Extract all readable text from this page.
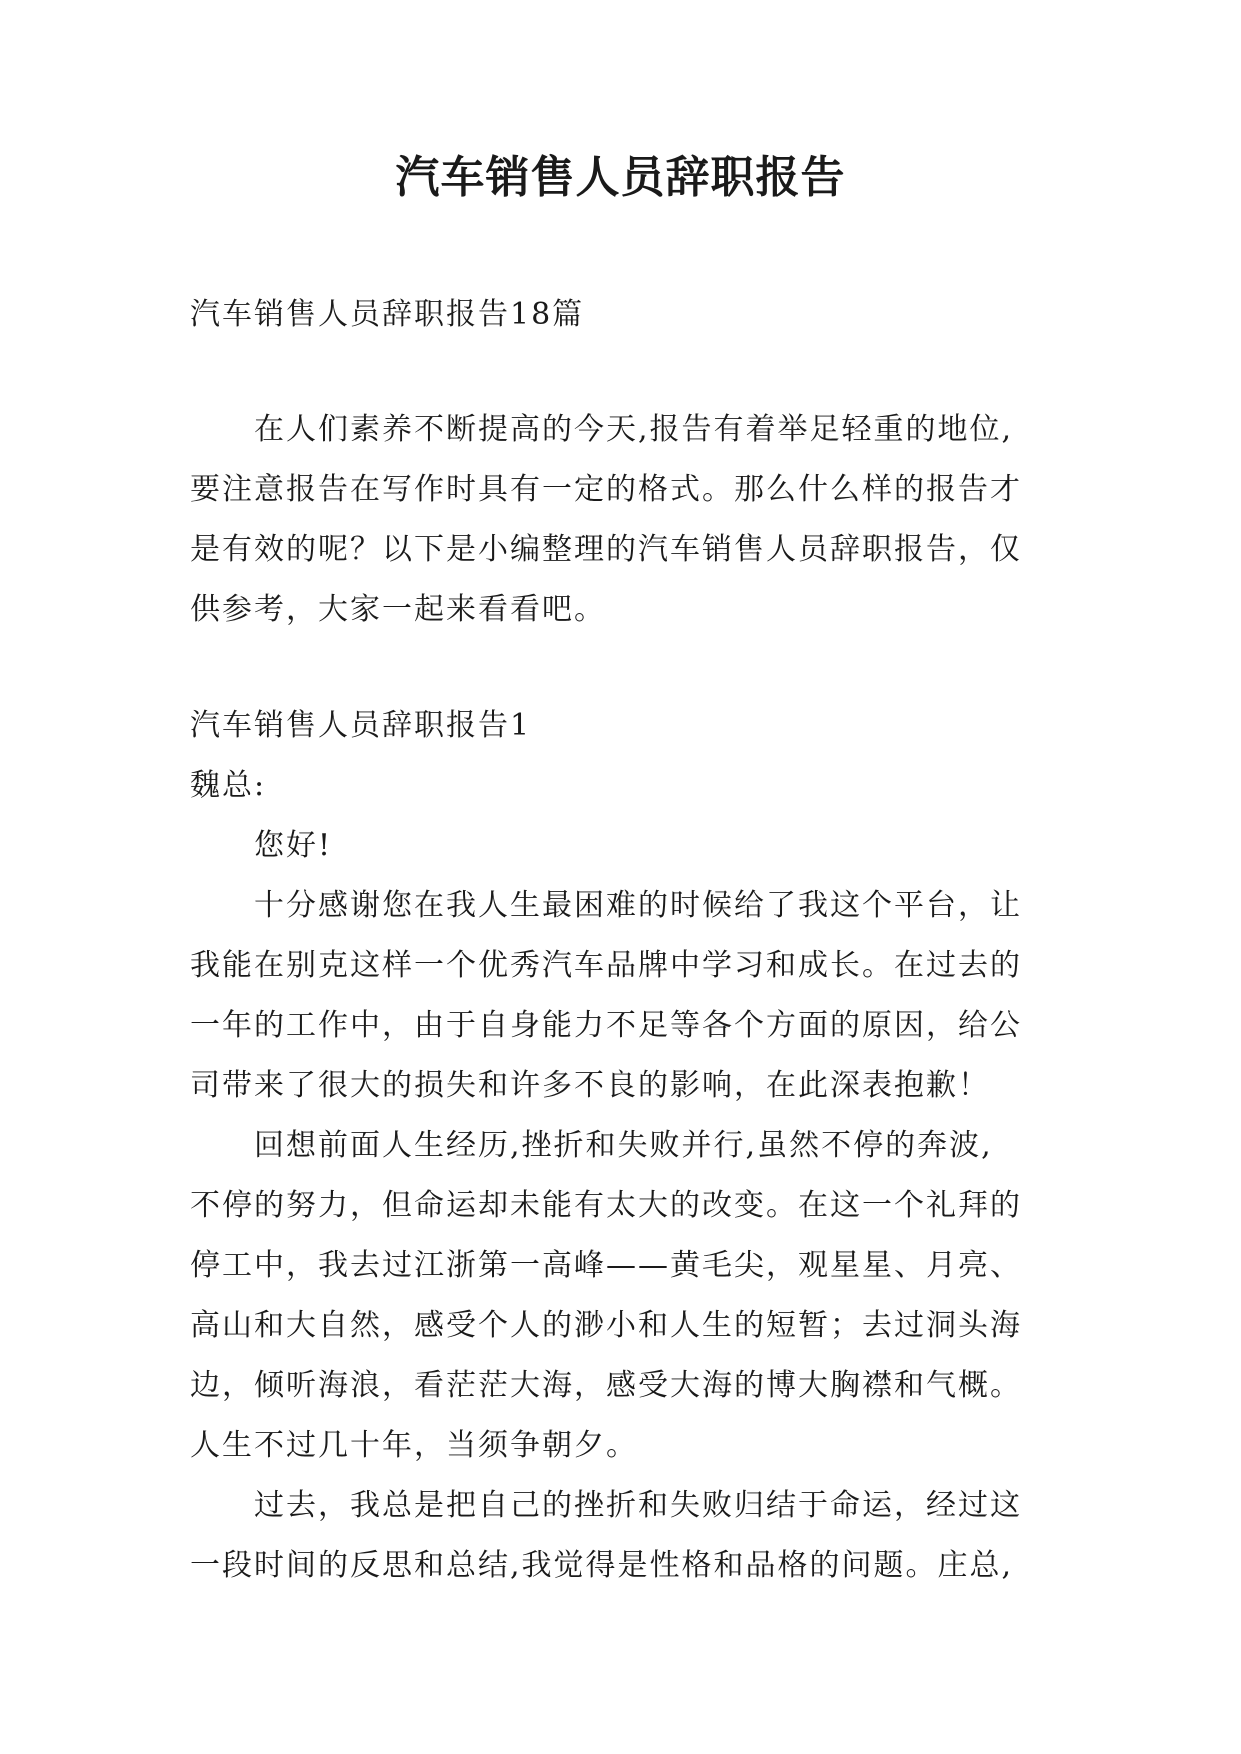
汽车销售人员辞职报告

汽车销售人员辞职报告18篇

在人们素养不断提高的今天,报告有着举足轻重的地位,
要注意报告在写作时具有一定的格式。那么什么样的报告才
是有效的呢？以下是小编整理的汽车销售人员辞职报告，仅
供参考，大家一起来看看吧。
汽车销售人员辞职报告1
魏总:
您好!
十分感谢您在我人生最困难的时候给了我这个平台，让
我能在别克这样一个优秀汽车品牌中学习和成长。在过去的
一年的工作中，由于自身能力不足等各个方面的原因，给公
司带来了很大的损失和许多不良的影响，在此深表抱歉！
回想前面人生经历,挫折和失败并行,虽然不停的奔波,
不停的努力，但命运却未能有太大的改变。在这一个礼拜的
停工中，我去过江浙第一高峰——黄毛尖，观星星、月亮、
高山和大自然，感受个人的渺小和人生的短暂；去过洞头海
边，倾听海浪，看茫茫大海，感受大海的博大胸襟和气概。
人生不过几十年，当须争朝夕。
过去，我总是把自己的挫折和失败归结于命运，经过这
一段时间的反思和总结,我觉得是性格和品格的问题。庄总,
